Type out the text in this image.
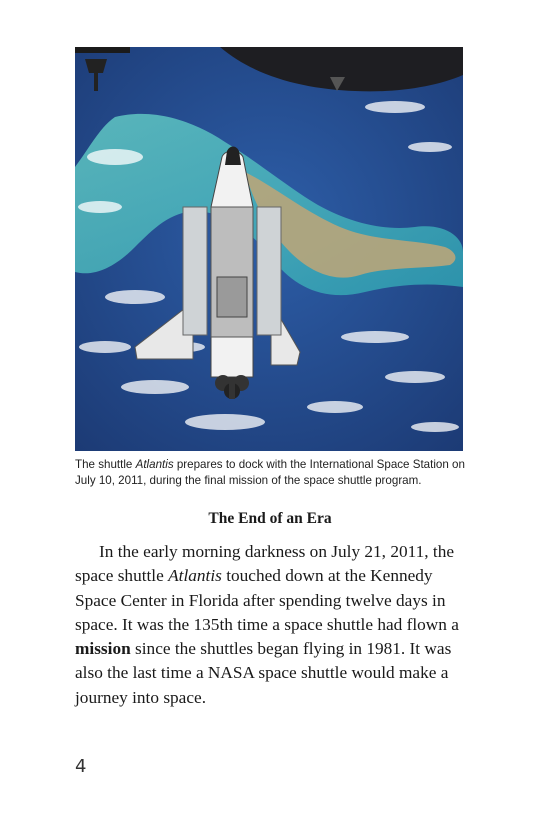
The shuttle Atlantis prepares to dock with the International Space Station on July 10, 2011, during the final mission of the space shuttle program.
The End of an Era
In the early morning darkness on July 21, 2011, the space shuttle Atlantis touched down at the Kennedy Space Center in Florida after spending twelve days in space. It was the 135th time a space shuttle had flown a mission since the shuttles began flying in 1981. It was also the last time a NASA space shuttle would make a journey into space.
4
